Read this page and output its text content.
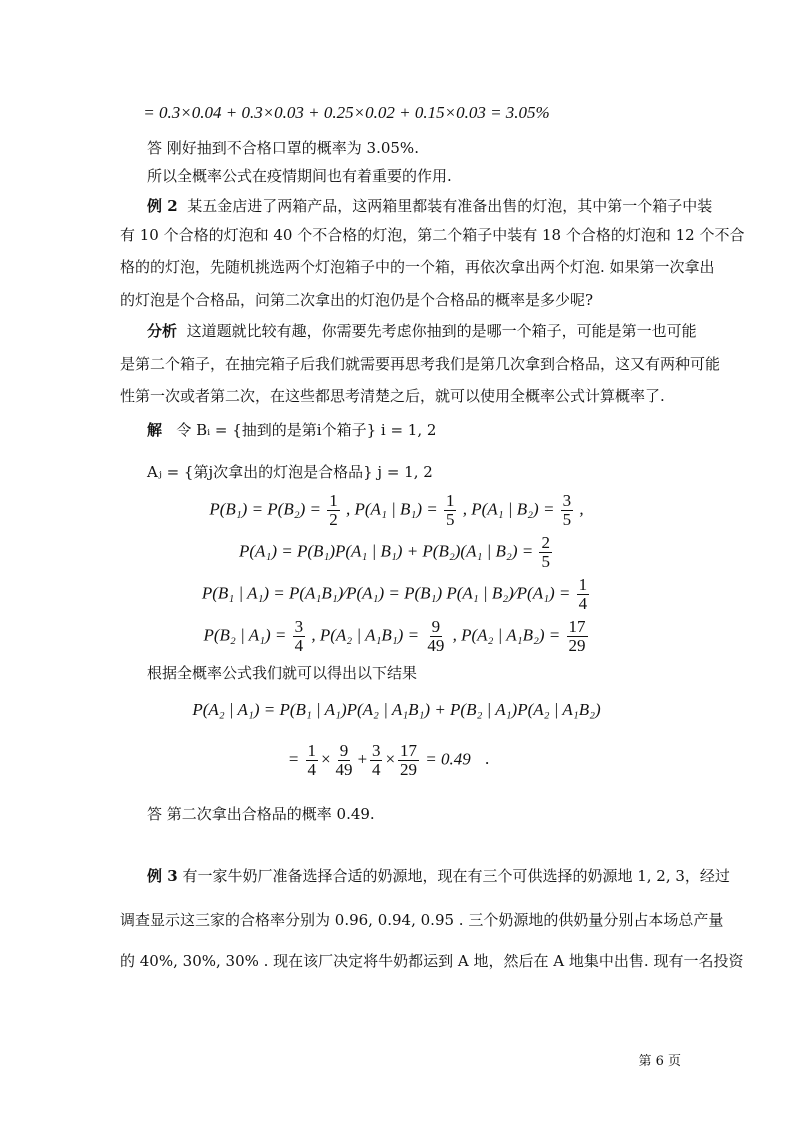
= 0.3×0.04 + 0.3×0.03 + 0.25×0.02 + 0.15×0.03 = 3.05%
答 刚好抽到不合格口罩的概率为 3.05%.
所以全概率公式在疫情期间也有着重要的作用.
例 2 某五金店进了两箱产品，这两箱里都装有准备出售的灯泡，其中第一个箱子中装
有 10 个合格的灯泡和 40 个不合格的灯泡，第二个箱子中装有 18 个合格的灯泡和 12 个不合
格的的灯泡，先随机挑选两个灯泡箱子中的一个箱，再依次拿出两个灯泡. 如果第一次拿出
的灯泡是个合格品，问第二次拿出的灯泡仍是个合格品的概率是多少呢?
分析 这道题就比较有趣，你需要先考虑你抽到的是哪一个箱子，可能是第一也可能
是第二个箱子，在抽完箱子后我们就需要再思考我们是第几次拿到合格品，这又有两种可能
性第一次或者第二次，在这些都思考清楚之后，就可以使用全概率公式计算概率了.
解 令 Bᵢ = {抽到的是第i个箱子} i = 1, 2
Aⱼ = {第j次拿出的灯泡是合格品} j = 1, 2
$P(B_1) = P(B_2) = \frac{1}{2}$ , P(A₁ | $B_1) = \frac{1}{5}$ , P(A₁ | $B_2) = \frac{3}{5}$ ,
P(A₁) = P(B₁)P(A₁ | B₁) + P(B₂)(A₁ | $B_2) = \frac{2}{5}$
P(B₁ | A₁) = P(A₁B₁)∕P(A₁) = P(B₁) P(A₁ | B₂)∕P(A₁) = $\frac{1}{4}$
P(B₂ | $A_1) = \frac{3}{4}$ , P(A₂ | $A_1B_1) = \frac{9}{49}$ , P(A₂ | $A_1B_2) = \frac{17}{29}$
根据全概率公式我们就可以得出以下结果
P(A₂ | A₁) = P(B₁ | A₁)P(A₂ | A₁B₁) + P(B₂ | A₁)P(A₂ | A₁B₂)
= $\frac{1}{4} \times \frac{9}{49} + \frac{3}{4} \times \frac{17}{29} = 0.49$ .
答 第二次拿出合格品的概率 0.49.
例 3 有一家牛奶厂准备选择合适的奶源地，现在有三个可供选择的奶源地 1, 2, 3，经过
调查显示这三家的合格率分别为 0.96, 0.94, 0.95 . 三个奶源地的供奶量分别占本场总产量
的 40%, 30%, 30% . 现在该厂决定将牛奶都运到 A 地，然后在 A 地集中出售. 现有一名投资
第 6 页
